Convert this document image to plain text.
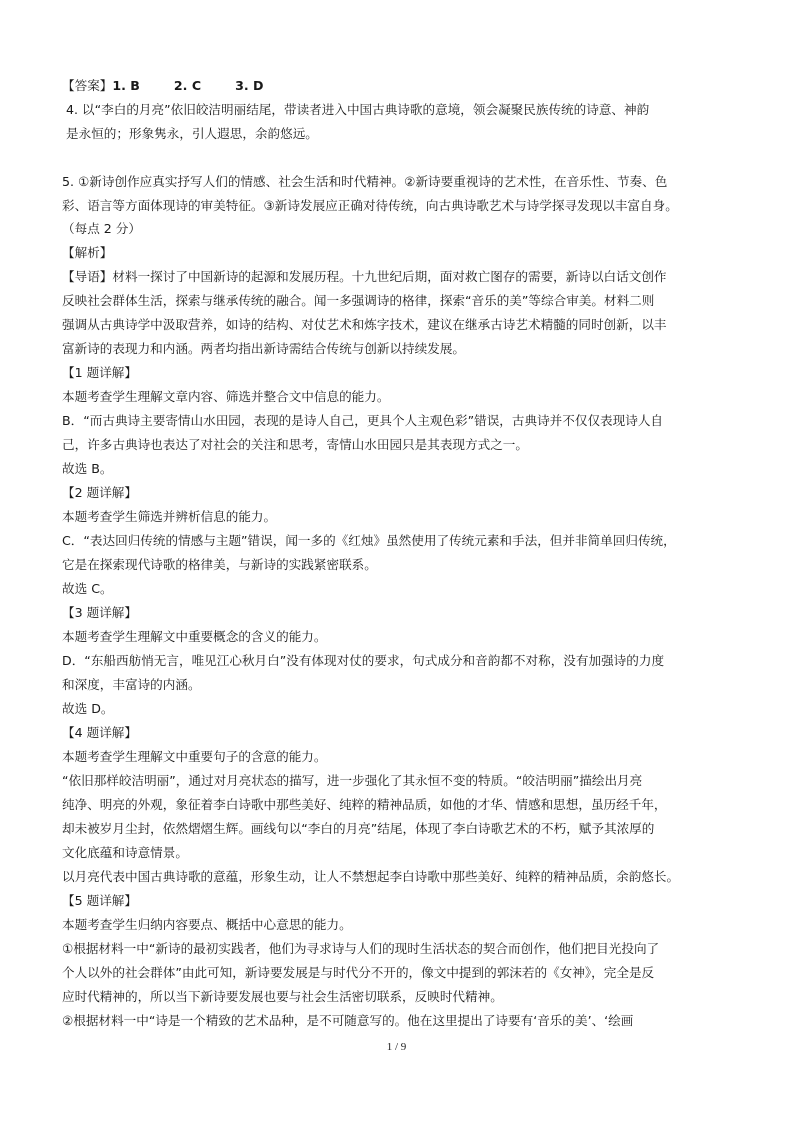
【答案】1. B	2. C	3. D
4. 以“李白的月亮”依旧皎洁明丽结尾，带读者进入中国古典诗歌的意境，领会凝聚民族传统的诗意、神韵
是永恒的；形象隽永，引人遐思，余韵悠远。
5. ①新诗创作应真实抒写人们的情感、社会生活和时代精神。②新诗要重视诗的艺术性，在音乐性、节奏、色
彩、语言等方面体现诗的审美特征。③新诗发展应正确对待传统，向古典诗歌艺术与诗学探寻发现以丰富自身。
（每点 2 分）
【解析】
【导语】材料一探讨了中国新诗的起源和发展历程。十九世纪后期，面对救亡图存的需要，新诗以白话文创作
反映社会群体生活，探索与继承传统的融合。闻一多强调诗的格律，探索“音乐的美”等综合审美。材料二则
强调从古典诗学中汲取营养，如诗的结构、对仗艺术和炼字技术，建议在继承古诗艺术精髓的同时创新，以丰
富新诗的表现力和内涵。两者均指出新诗需结合传统与创新以持续发展。
【1 题详解】
本题考查学生理解文章内容、筛选并整合文中信息的能力。
B．“而古典诗主要寄情山水田园，表现的是诗人自己，更具个人主观色彩”错误，古典诗并不仅仅表现诗人自
己，许多古典诗也表达了对社会的关注和思考，寄情山水田园只是其表现方式之一。
故选 B。
【2 题详解】
本题考查学生筛选并辨析信息的能力。
C．“表达回归传统的情感与主题”错误，闻一多的《红烛》虽然使用了传统元素和手法，但并非简单回归传统，
它是在探索现代诗歌的格律美，与新诗的实践紧密联系。
故选 C。
【3 题详解】
本题考查学生理解文中重要概念的含义的能力。
D．“东船西舫悄无言，唯见江心秋月白”没有体现对仗的要求，句式成分和音韵都不对称，没有加强诗的力度
和深度，丰富诗的内涵。
故选 D。
【4 题详解】
本题考查学生理解文中重要句子的含意的能力。
“依旧那样皎洁明丽”，通过对月亮状态的描写，进一步强化了其永恒不变的特质。“皎洁明丽”描绘出月亮
纯净、明亮的外观，象征着李白诗歌中那些美好、纯粹的精神品质，如他的才华、情感和思想，虽历经千年，
却未被岁月尘封，依然熠熠生辉。画线句以“李白的月亮”结尾，体现了李白诗歌艺术的不朽，赋予其浓厚的
文化底蕴和诗意情景。
以月亮代表中国古典诗歌的意蕴，形象生动，让人不禁想起李白诗歌中那些美好、纯粹的精神品质，余韵悠长。
【5 题详解】
本题考查学生归纳内容要点、概括中心意思的能力。
①根据材料一中“新诗的最初实践者，他们为寻求诗与人们的现时生活状态的契合而创作，他们把目光投向了
个人以外的社会群体”由此可知，新诗要发展是与时代分不开的，像文中提到的郭沫若的《女神》，完全是反
应时代精神的，所以当下新诗要发展也要与社会生活密切联系，反映时代精神。
②根据材料一中“诗是一个精致的艺术品种，是不可随意写的。他在这里提出了诗要有‘音乐的美’、‘绘画
1 / 9
